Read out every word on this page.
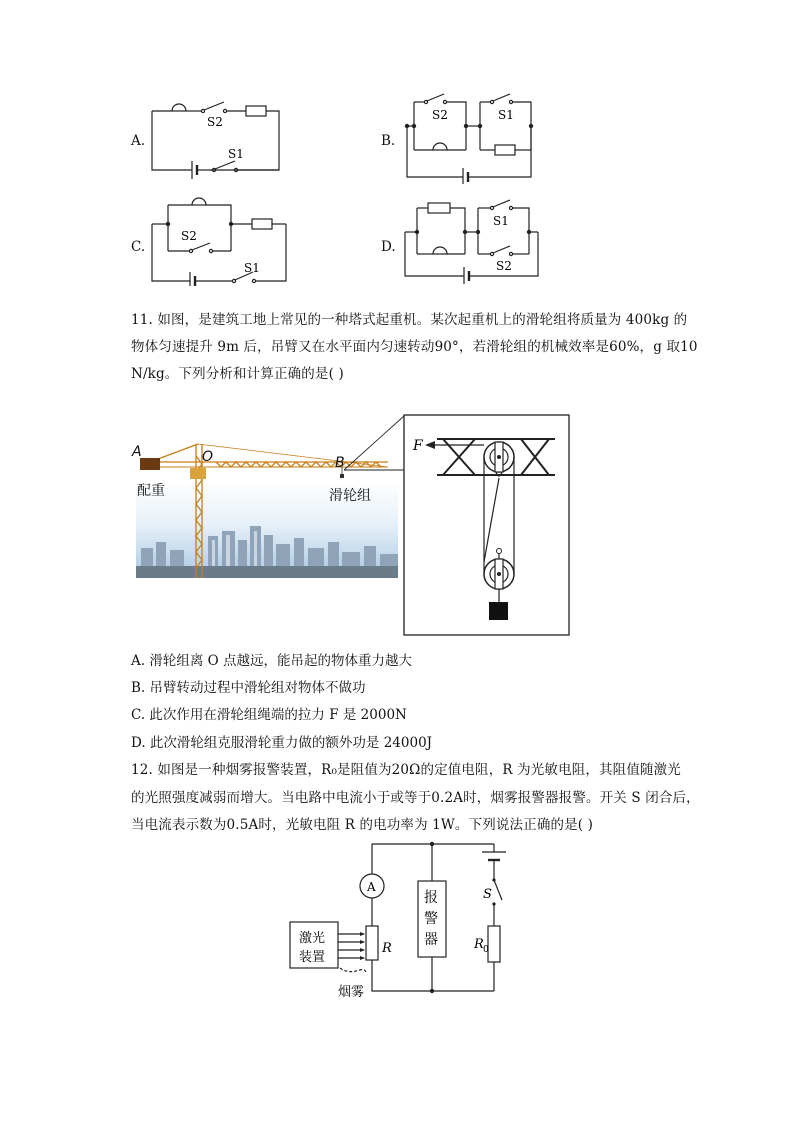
A.
S2
S1
B.
S2	S1
C.
S2
S1
D.
S1
S2
11. 如图，是建筑工地上常见的一种塔式起重机。某次起重机上的滑轮组将质量为 400kg 的
物体匀速提升 9m 后，吊臂又在水平面内匀速转动90°，若滑轮组的机械效率是60%，g 取10
N/kg。下列分析和计算正确的是( )
A	O	B
配重	滑轮组
F
A. 滑轮组离 O 点越远，能吊起的物体重力越大
B. 吊臂转动过程中滑轮组对物体不做功
C. 此次作用在滑轮组绳端的拉力 F 是 2000N
D. 此次滑轮组克服滑轮重力做的额外功是 24000J
12. 如图是一种烟雾报警装置，R₀是阻值为20Ω的定值电阻，R 为光敏电阻，其阻值随激光
的光照强度减弱而增大。当电路中电流小于或等于0.2A时，烟雾报警器报警。开关 S 闭合后，
当电流表示数为0.5A时，光敏电阻 R 的电功率为 1W。下列说法正确的是( )
A
报
警
器
S
R 0
R
激光
装置
烟雾
